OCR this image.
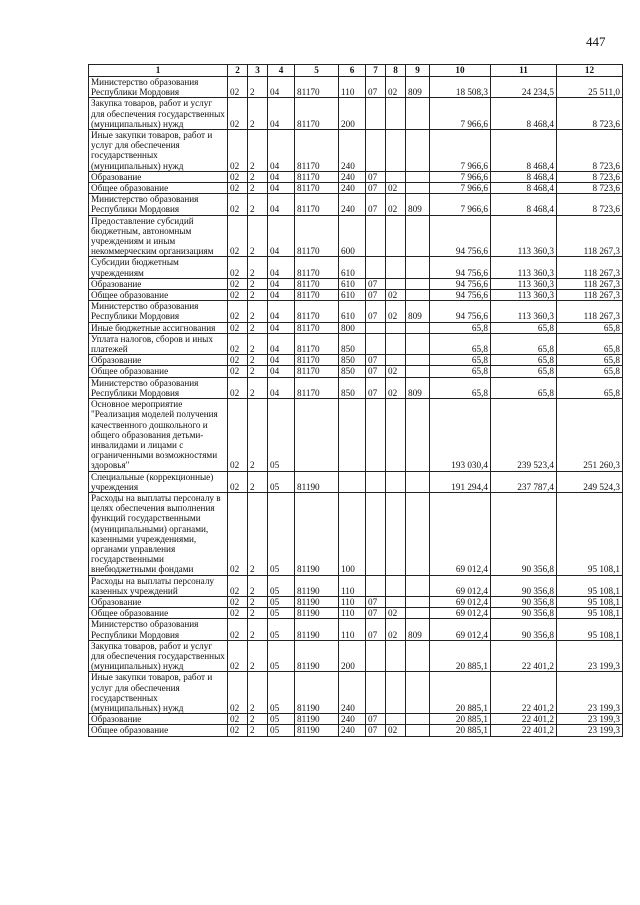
447
1	2	3	4	5	6	7	8	9	10	11	12
Министерство образования Республики Мордовия	02	2	04	81170	110	07	02	809	18 508,3	24 234,5	25 511,0
Закупка товаров, работ и услуг для обеспечения государственных (муниципальных) нужд	02	2	04	81170	200				7 966,6	8 468,4	8 723,6
Иные закупки товаров, работ и услуг для обеспечения государственных (муниципальных) нужд	02	2	04	81170	240				7 966,6	8 468,4	8 723,6
Образование	02	2	04	81170	240	07			7 966,6	8 468,4	8 723,6
Общее образование	02	2	04	81170	240	07	02		7 966,6	8 468,4	8 723,6
Министерство образования Республики Мордовия	02	2	04	81170	240	07	02	809	7 966,6	8 468,4	8 723,6
Предоставление субсидий бюджетным, автономным учреждениям и иным некоммерческим организациям	02	2	04	81170	600				94 756,6	113 360,3	118 267,3
Субсидии бюджетным учреждениям	02	2	04	81170	610				94 756,6	113 360,3	118 267,3
Образование	02	2	04	81170	610	07			94 756,6	113 360,3	118 267,3
Общее образование	02	2	04	81170	610	07	02		94 756,6	113 360,3	118 267,3
Министерство образования Республики Мордовия	02	2	04	81170	610	07	02	809	94 756,6	113 360,3	118 267,3
Иные бюджетные ассигнования	02	2	04	81170	800				65,8	65,8	65,8
Уплата налогов, сборов и иных платежей	02	2	04	81170	850				65,8	65,8	65,8
Образование	02	2	04	81170	850	07			65,8	65,8	65,8
Общее образование	02	2	04	81170	850	07	02		65,8	65,8	65,8
Министерство образования Республики Мордовия	02	2	04	81170	850	07	02	809	65,8	65,8	65,8
Основное мероприятие "Реализация моделей получения качественного дошкольного и общего образования детьми-инвалидами и лицами с ограниченными возможностями здоровья"	02	2	05						193 030,4	239 523,4	251 260,3
Специальные (коррекционные) учреждения	02	2	05	81190					191 294,4	237 787,4	249 524,3
Расходы на выплаты персоналу в целях обеспечения выполнения функций государственными (муниципальными) органами, казенными учреждениями, органами управления государственными внебюджетными фондами	02	2	05	81190	100				69 012,4	90 356,8	95 108,1
Расходы на выплаты персоналу казенных учреждений	02	2	05	81190	110				69 012,4	90 356,8	95 108,1
Образование	02	2	05	81190	110	07			69 012,4	90 356,8	95 108,1
Общее образование	02	2	05	81190	110	07	02		69 012,4	90 356,8	95 108,1
Министерство образования Республики Мордовия	02	2	05	81190	110	07	02	809	69 012,4	90 356,8	95 108,1
Закупка товаров, работ и услуг для обеспечения государственных (муниципальных) нужд	02	2	05	81190	200				20 885,1	22 401,2	23 199,3
Иные закупки товаров, работ и услуг для обеспечения государственных (муниципальных) нужд	02	2	05	81190	240				20 885,1	22 401,2	23 199,3
Образование	02	2	05	81190	240	07			20 885,1	22 401,2	23 199,3
Общее образование	02	2	05	81190	240	07	02		20 885,1	22 401,2	23 199,3
